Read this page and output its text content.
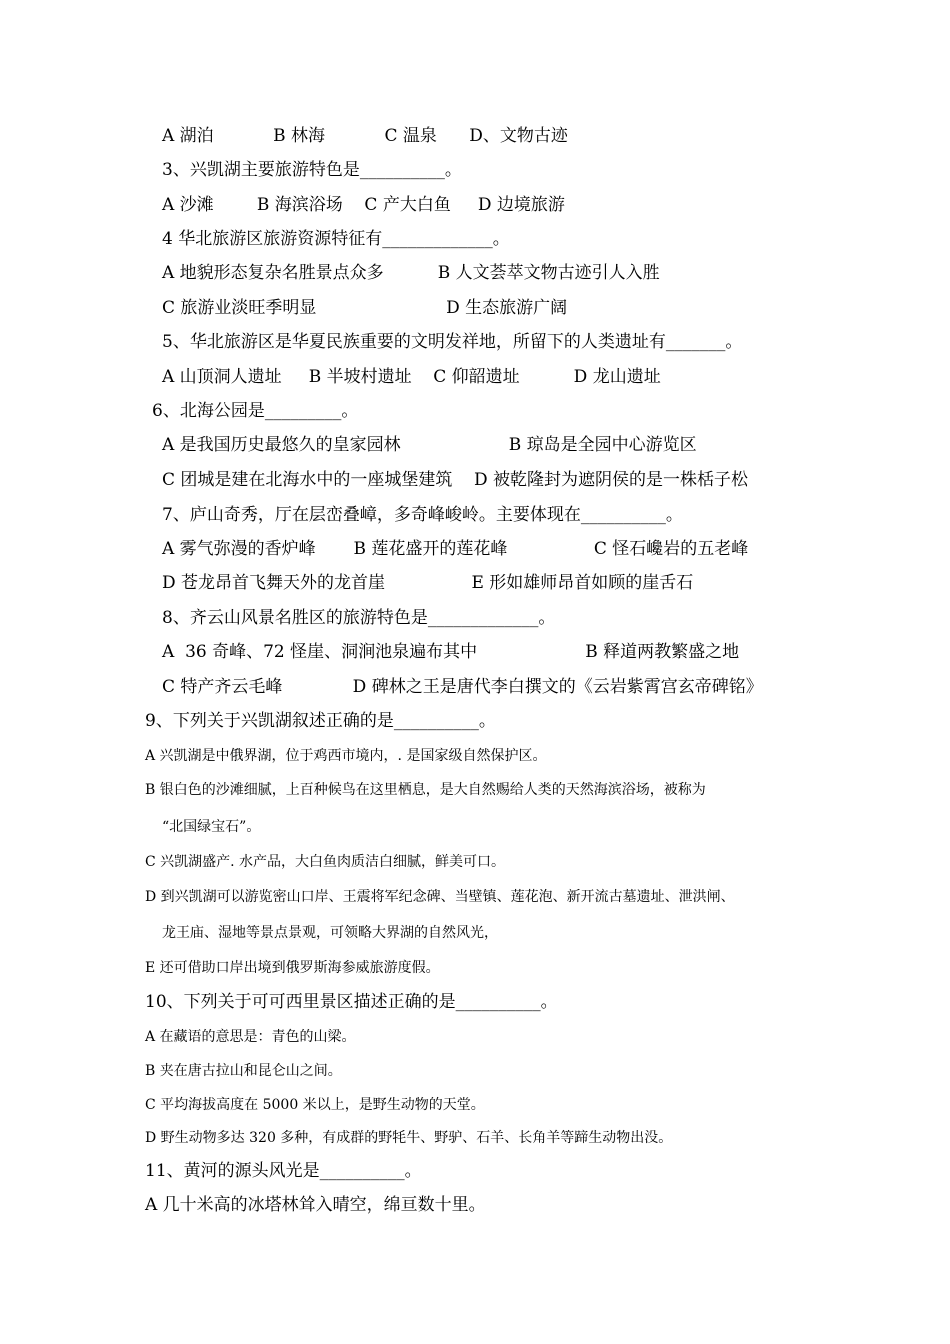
A 湖泊           B 林海           C 温泉      D、文物古迹
3、兴凯湖主要旅游特色是__________。
A 沙滩        B 海滨浴场    C 产大白鱼     D 边境旅游
4 华北旅游区旅游资源特征有_____________。
A 地貌形态复杂名胜景点众多          B 人文荟萃文物古迹引人入胜
C 旅游业淡旺季明显                        D 生态旅游广阔
5、华北旅游区是华夏民族重要的文明发祥地，所留下的人类遗址有_______。
A 山顶洞人遗址     B 半坡村遗址    C 仰韶遗址          D 龙山遗址
6、北海公园是_________。
A 是我国历史最悠久的皇家园林                    B 琼岛是全园中心游览区
C 团城是建在北海水中的一座城堡建筑    D 被乾隆封为遮阴侯的是一株栝子松
7、庐山奇秀，厅在层峦叠嶂，多奇峰峻岭。主要体现在__________。
A 雾气弥漫的香炉峰       B 莲花盛开的莲花峰                C 怪石巉岩的五老峰
D 苍龙昂首飞舞天外的龙首崖                E 形如雄师昂首如顾的崖舌石
8、齐云山风景名胜区的旅游特色是_____________。
A  36 奇峰、72 怪崖、洞涧池泉遍布其中                    B 释道两教繁盛之地
C 特产齐云毛峰             D 碑林之王是唐代李白撰文的《云岩紫霄宫玄帝碑铭》
9、下列关于兴凯湖叙述正确的是__________。
A 兴凯湖是中俄界湖，位于鸡西市境内，. 是国家级自然保护区。
B 银白色的沙滩细腻，上百种候鸟在这里栖息，是大自然赐给人类的天然海滨浴场，被称为
“北国绿宝石”。
C 兴凯湖盛产. 水产品，大白鱼肉质洁白细腻，鲜美可口。
D 到兴凯湖可以游览密山口岸、王震将军纪念碑、当壁镇、莲花泡、新开流古墓遗址、泄洪闸、
龙王庙、湿地等景点景观，可领略大界湖的自然风光，
E 还可借助口岸出境到俄罗斯海参威旅游度假。
10、下列关于可可西里景区描述正确的是__________。
A 在藏语的意思是：青色的山梁。
B 夹在唐古拉山和昆仑山之间。
C 平均海拔高度在 5000 米以上，是野生动物的天堂。
D 野生动物多达 320 多种，有成群的野牦牛、野驴、石羊、长角羊等蹄生动物出没。
11、黄河的源头风光是__________。
A 几十米高的冰塔林耸入晴空，绵亘数十里。
